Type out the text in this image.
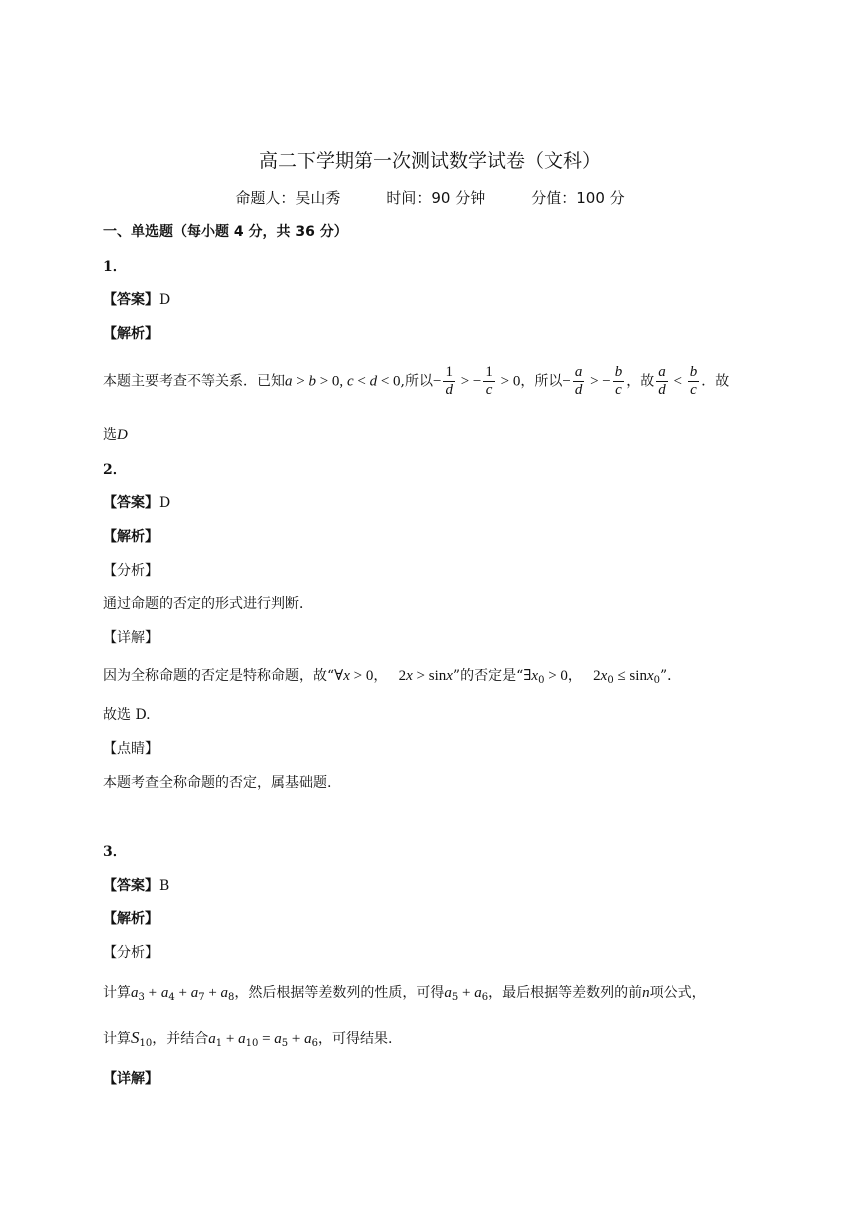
高二下学期第一次测试数学试卷（文科）
命题人：吴山秀	时间：90 分钟	分值：100 分
一、单选题（每小题 4 分，共 36 分）
1．
【答案】D
【解析】
本题主要考查不等关系．已知a > b > 0, c < d < 0,所以− $\frac{1}{d}$ > − $\frac{1}{c} > 0$，所以− $\frac{a}{d}$ > − $\frac{b}{c}$ ，故 $\frac{a}{d} < \frac{b}{c}$ ．故
选D
2．
【答案】D
【解析】
【分析】
通过命题的否定的形式进行判断．
【详解】
因为全称命题的否定是特称命题，故“∀x > 0，   2x > sinx”的否定是“$\exists x_0 > 0$，   $2x_0 \le \sin x_0$”．
故选 D.
【点睛】
本题考查全称命题的否定，属基础题.
3．
【答案】B
【解析】
【分析】
计算$a_3 + a_4 + a_7 + a_8$，然后根据等差数列的性质，可得$a_5 + a_6$，最后根据等差数列的前n项公式，
计算$S_{10}$，并结合$a_1 + a_{10} = a_5 + a_6$，可得结果.
【详解】
